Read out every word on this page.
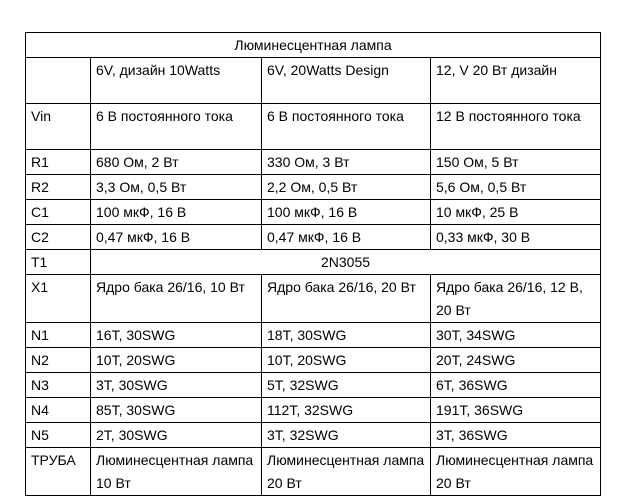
Люминесцентная лампа			
	6V, дизайн 10Watts	6V, 20Watts Design	12, V 20 Вт дизайн
Vin	6 В постоянного тока	6 В постоянного тока	12 В постоянного тока
R1	680 Ом, 2 Вт	330 Ом, 3 Вт	150 Ом, 5 Вт
R2	3,3 Ом, 0,5 Вт	2,2 Ом, 0,5 Вт	5,6 Ом, 0,5 Вт
C1	100 мкФ, 16 В	100 мкФ, 16 В	10 мкФ, 25 В
C2	0,47 мкФ, 16 В	0,47 мкФ, 16 В	0,33 мкФ, 30 В
T1	2N3055		
X1	Ядро бака 26/16, 10 Вт	Ядро бака 26/16, 20 Вт	Ядро бака 26/16, 12 В, 20 Вт
N1	16T, 30SWG	18T, 30SWG	30T, 34SWG
N2	10T, 20SWG	10T, 20SWG	20T, 24SWG
N3	3T, 30SWG	5T, 32SWG	6T, 36SWG
N4	85T, 30SWG	112T, 32SWG	191T, 36SWG
N5	2T, 30SWG	3T, 32SWG	3T, 36SWG
ТРУБА	Люминесцентная лампа 10 Вт	Люминесцентная лампа 20 Вт	Люминесцентная лампа 20 Вт
